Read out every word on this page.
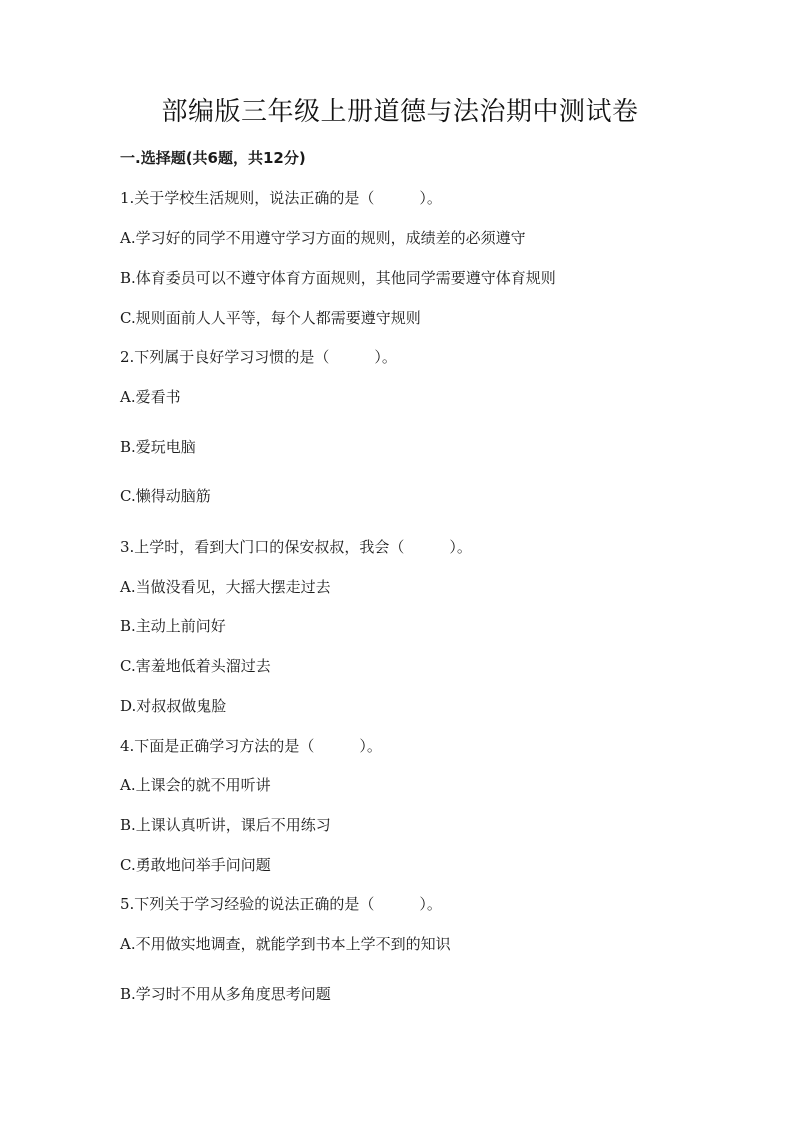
部编版三年级上册道德与法治期中测试卷
一.选择题(共6题，共12分)
1.关于学校生活规则，说法正确的是（　　　）。
A.学习好的同学不用遵守学习方面的规则，成绩差的必须遵守
B.体育委员可以不遵守体育方面规则，其他同学需要遵守体育规则
C.规则面前人人平等，每个人都需要遵守规则
2.下列属于良好学习习惯的是（　　　）。
A.爱看书
B.爱玩电脑
C.懒得动脑筋
3.上学时，看到大门口的保安叔叔，我会（　　　）。
A.当做没看见，大摇大摆走过去
B.主动上前问好
C.害羞地低着头溜过去
D.对叔叔做鬼脸
4.下面是正确学习方法的是（　　　）。
A.上课会的就不用听讲
B.上课认真听讲，课后不用练习
C.勇敢地问举手问问题
5.下列关于学习经验的说法正确的是（　　　）。
A.不用做实地调查，就能学到书本上学不到的知识
B.学习时不用从多角度思考问题
